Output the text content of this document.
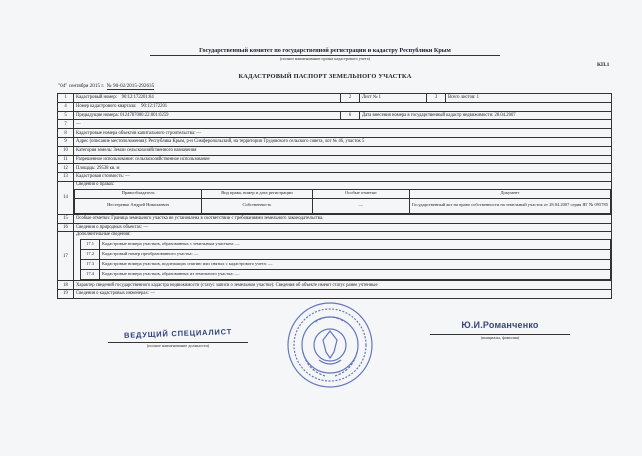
Государственный комитет по государственной регистрации и кадастру Республики Крым
(полное наименование органа кадастрового учета)
КП.1
КАДАСТРОВЫЙ ПАСПОРТ ЗЕМЕЛЬНОГО УЧАСТКА
"04" сентября 2015 г. № 90-02/2015-292635
1	Кадастровый номер: 90:12:172201:84	2	Лист № 1	3	Всего листов: 1
4	Номер кадастрового квартала: 90:12:172201
5	Предыдущие номера: 0124787000:22:001:0259	6	Дата внесения номера в государственный кадастр недвижимости: 28.04.2007
7	—
8	Кадастровые номера объектов капитального строительства: —
9	Адрес (описание местоположения): Республика Крым, р-н Симферопольский, на территории Трудовского сельского совета, лот № 46, участок 5
10	Категория земель: Земли сельскохозяйственного назначения
11	Разрешенное использование: сельскохозяйственное использование
12	Площадь: 29538 кв. м
13	Кадастровая стоимость: —
14	
Сведения о правах:
Правообладатель	Вид права, номер и дата регистрации	Особые отметки	Документ
Нестеренко Андрей Николаевич	Собственность	—	Государственный акт на право собственности на земельный участок от 28.04.2007 серия ЯГ № 095785

15	Особые отметки: Граница земельного участка не установлена в соответствии с требованиями земельного законодательства.
16	Сведения о природных объектах: —
17	
Дополнительные сведения:
17.1	Кадастровые номера участков, образованных с земельным участком: —
17.2	Кадастровый номер преобразованного участка: —
17.3	Кадастровые номера участков, подлежащих снятию или снятых с кадастрового учета: —
17.4	Кадастровые номера участков, образованных из земельного участка: —

18	Характер сведений государственного кадастра недвижимости (статус записи о земельном участке): Сведения об объекте имеют статус ранее учтенные
19	Сведения о кадастровых инженерах: —
ВЕДУЩИЙ СПЕЦИАЛИСТ
(полное наименование должности)
Ю.И.Романченко
(инициалы, фамилия)
